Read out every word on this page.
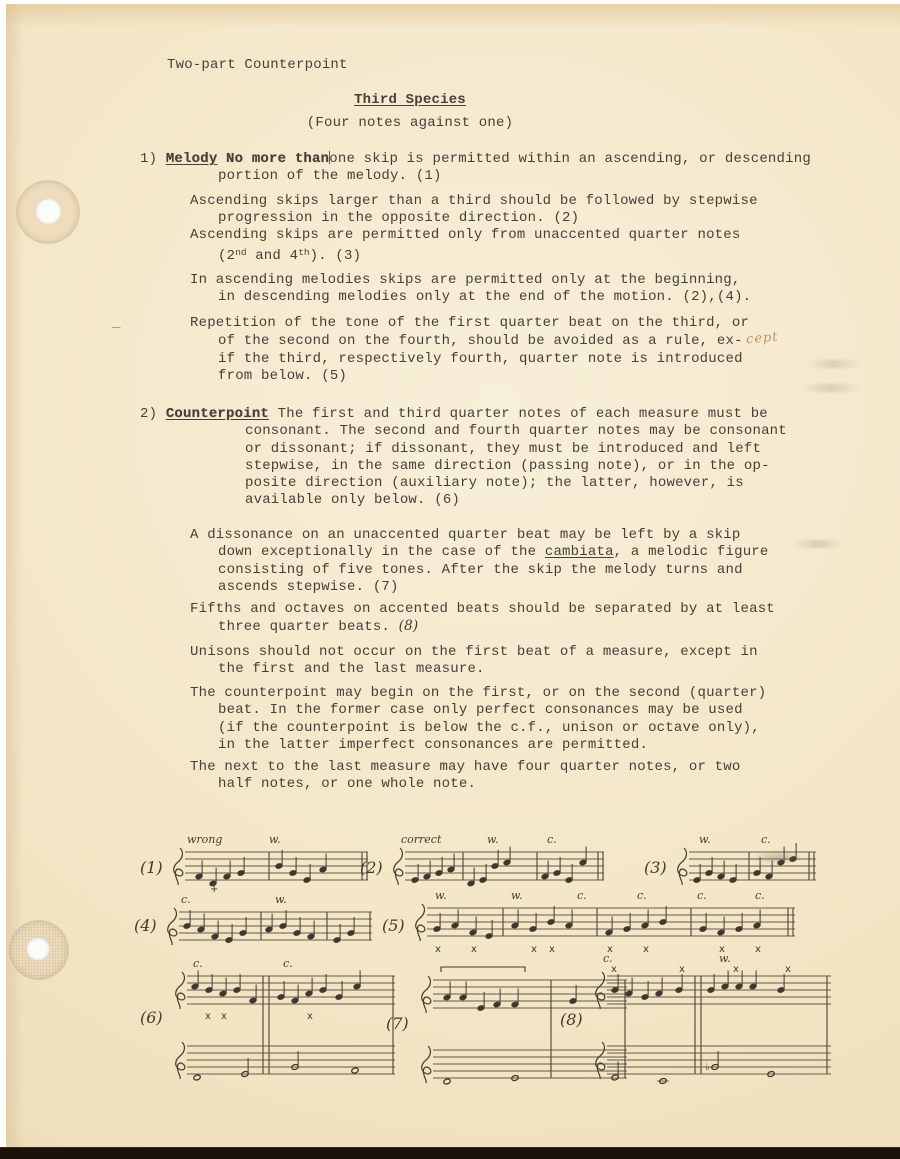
Two-part Counterpoint
Third Species
(Four notes against one)
1) Melody No more thanone skip is permitted within an ascending, or descending
portion of the melody. (1)
Ascending skips larger than a third should be followed by stepwise
progression in the opposite direction. (2)
Ascending skips are permitted only from unaccented quarter notes
(2nd and 4th). (3)
In ascending melodies skips are permitted only at the beginning,
in descending melodies only at the end of the motion. (2),(4).
Repetition of the tone of the first quarter beat on the third, or
of the second on the fourth, should be avoided as a rule, ex- cept
if the third, respectively fourth, quarter note is introduced
from below. (5)
—
2) Counterpoint The first and third quarter notes of each measure must be
consonant. The second and fourth quarter notes may be consonant
or dissonant; if dissonant, they must be introduced and left
stepwise, in the same direction (passing note), or in the op-
posite direction (auxiliary note); the latter, however, is
available only below. (6)
A dissonance on an unaccented quarter beat may be left by a skip
down exceptionally in the case of the cambiata, a melodic figure
consisting of five tones. After the skip the melody turns and
ascends stepwise. (7)
Fifths and octaves on accented beats should be separated by at least
three quarter beats. (8)
Unisons should not occur on the first beat of a measure, except in
the first and the last measure.
The counterpoint may begin on the first, or on the second (quarter)
beat. In the former case only perfect consonances may be used
(if the counterpoint is below the c.f., unison or octave only),
in the latter imperfect consonances are permitted.
The next to the last measure may have four quarter notes, or two
half notes, or one whole note.
(1)
wrong	w.
+
(2)
correct	w.	c.
(3)
w.	c.
(4)
c.	w.
(5)
w.	w.	c.	c.	c.	c.
x	x	x x	x	x	x	x
(6)
c.	c.
x x	x	(7)	(8)
c.	w.
x	x	x	x
♭
